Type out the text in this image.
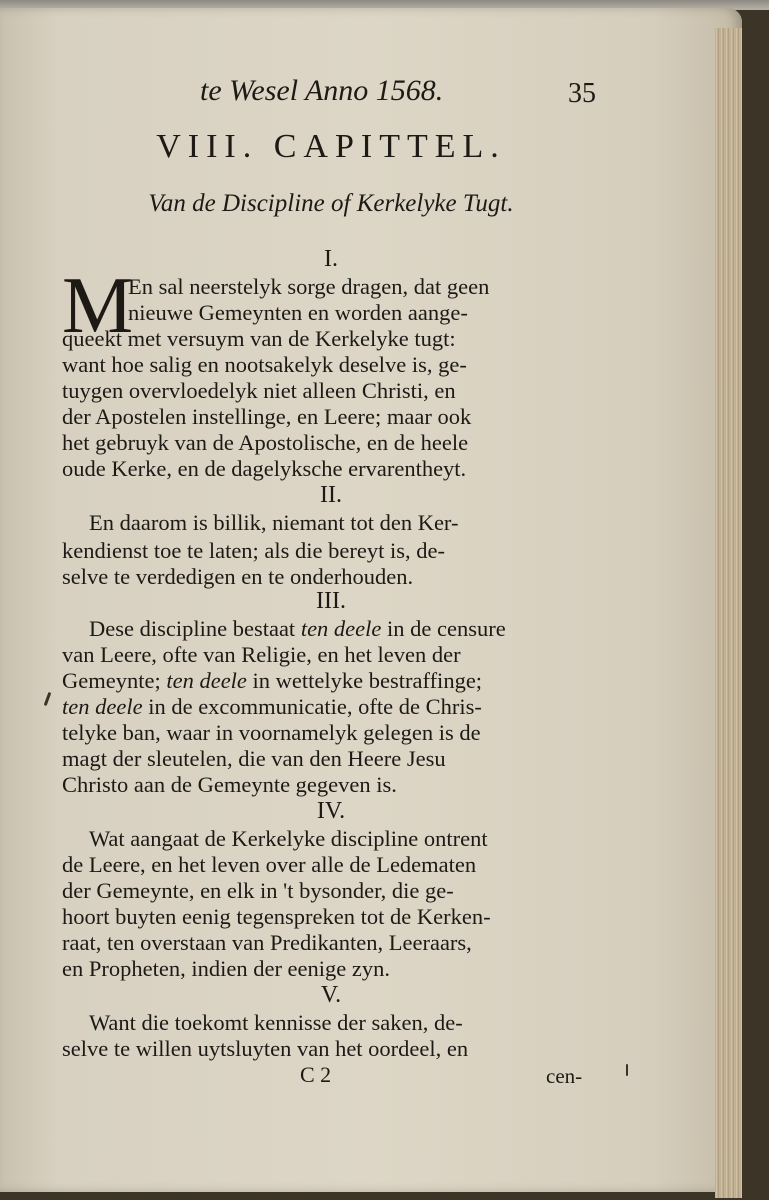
te Wesel Anno 1568.	35
VIII. CAPITTEL.
Van de Discipline of Kerkelyke Tugt.
I.
M
En sal neerstelyk sorge dragen, dat geen
nieuwe Gemeynten en worden aange-
queekt met versuym van de Kerkelyke tugt:
want hoe salig en nootsakelyk deselve is, ge-
tuygen overvloedelyk niet alleen Christi, en
der Apostelen instellinge, en Leere; maar ook
het gebruyk van de Apostolische, en de heele
oude Kerke, en de dagelyksche ervarentheyt.
II.
En daarom is billik, niemant tot den Ker-
kendienst toe te laten; als die bereyt is, de-
selve te verdedigen en te onderhouden.
III.
Dese discipline bestaat ten deele in de censure
van Leere, ofte van Religie, en het leven der
Gemeynte; ten deele in wettelyke bestraffinge;
ten deele in de excommunicatie, ofte de Chris-
telyke ban, waar in voornamelyk gelegen is de
magt der sleutelen, die van den Heere Jesu
Christo aan de Gemeynte gegeven is.
IV.
Wat aangaat de Kerkelyke discipline ontrent
de Leere, en het leven over alle de Ledematen
der Gemeynte, en elk in 't bysonder, die ge-
hoort buyten eenig tegenspreken tot de Kerken-
raat, ten overstaan van Predikanten, Leeraars,
en Propheten, indien der eenige zyn.
V.
Want die toekomt kennisse der saken, de-
selve te willen uytsluyten van het oordeel, en
C 2	cen-
